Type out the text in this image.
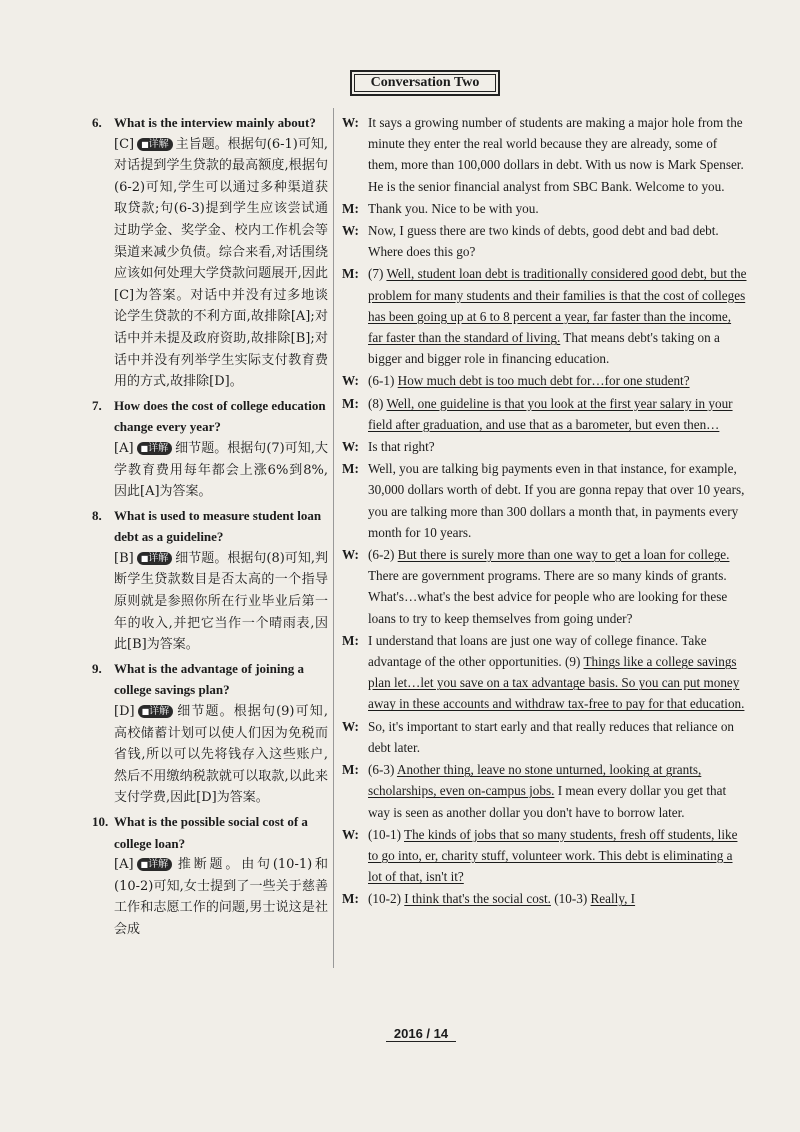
Conversation Two
6. What is the interview mainly about?
[C] ■ 详解 主旨题。根据句(6-1)可知,对话提到学生贷款的最高额度,根据句(6-2)可知,学生可以通过多种渠道获取贷款;句(6-3)提到学生应该尝试通过助学金、奖学金、校内工作机会等渠道来减少负债。综合来看,对话围绕应该如何处理大学贷款问题展开,因此[C]为答案。对话中并没有过多地谈论学生贷款的不利方面,故排除[A];对话中并未提及政府资助,故排除[B];对话中并没有列举学生实际支付教育费用的方式,故排除[D]。
7. How does the cost of college education change every year?
[A] ■ 详解 细节题。根据句(7)可知,大学教育费用每年都会上涨6%到8%,因此[A]为答案。
8. What is used to measure student loan debt as a guideline?
[B] ■ 详解 细节题。根据句(8)可知,判断学生贷款数目是否太高的一个指导原则就是参照你所在行业毕业后第一年的收入,并把它当作一个晴雨表,因此[B]为答案。
9. What is the advantage of joining a college savings plan?
[D] ■ 详解 细节题。根据句(9)可知,高校储蓄计划可以使人们因为免税而省钱,所以可以先将钱存入这些账户,然后不用缴纳税款就可以取款,以此来支付学费,因此[D]为答案。
10. What is the possible social cost of a college loan?
[A] ■ 详解 推断题。由句(10-1)和(10-2)可知,女士提到了一些关于慈善工作和志愿工作的问题,男士说这是社会成
W: It says a growing number of students are making a major hole from the minute they enter the real world because they are already, some of them, more than 100,000 dollars in debt. With us now is Mark Spenser. He is the senior financial analyst from SBC Bank. Welcome to you.
M: Thank you. Nice to be with you.
W: Now, I guess there are two kinds of debts, good debt and bad debt. Where does this go?
M: (7) Well, student loan debt is traditionally considered good debt, but the problem for many students and their families is that the cost of colleges has been going up at 6 to 8 percent a year, far faster than the income, far faster than the standard of living. That means debt's taking on a bigger and bigger role in financing education.
W: (6-1) How much debt is too much debt for…for one student?
M: (8) Well, one guideline is that you look at the first year salary in your field after graduation, and use that as a barometer, but even then…
W: Is that right?
M: Well, you are talking big payments even in that instance, for example, 30,000 dollars worth of debt. If you are gonna repay that over 10 years, you are talking more than 300 dollars a month that, in payments every month for 10 years.
W: (6-2) But there is surely more than one way to get a loan for college. There are government programs. There are so many kinds of grants. What's…what's the best advice for people who are looking for these loans to try to keep themselves from going under?
M: I understand that loans are just one way of college finance. Take advantage of the other opportunities. (9) Things like a college savings plan let…let you save on a tax advantage basis. So you can put money away in these accounts and withdraw tax-free to pay for that education.
W: So, it's important to start early and that really reduces that reliance on debt later.
M: (6-3) Another thing, leave no stone unturned, looking at grants, scholarships, even on-campus jobs. I mean every dollar you get that way is seen as another dollar you don't have to borrow later.
W: (10-1) The kinds of jobs that so many students, fresh off students, like to go into, er, charity stuff, volunteer work. This debt is eliminating a lot of that, isn't it?
M: (10-2) I think that's the social cost. (10-3) Really, I
2016 / 14
